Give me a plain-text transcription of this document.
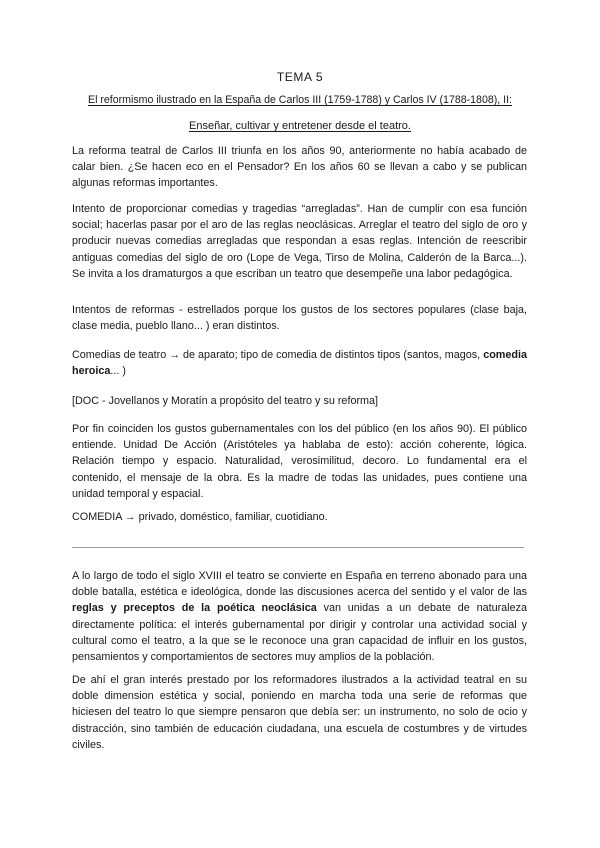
TEMA 5
El reformismo ilustrado en la España de Carlos III (1759-1788) y Carlos IV (1788-1808), II:
Enseñar, cultivar y entretener desde el teatro.
La reforma teatral de Carlos III triunfa en los años 90, anteriormente no había acabado de calar bien. ¿Se hacen eco en el Pensador? En los años 60 se llevan a cabo y se publican algunas reformas importantes.
Intento de proporcionar comedias y tragedias “arregladas”. Han de cumplir con esa función social; hacerlas pasar por el aro de las reglas neoclásicas. Arreglar el teatro del siglo de oro y producir nuevas comedias arregladas que respondan a esas reglas. Intención de reescribir antiguas comedias del siglo de oro (Lope de Vega, Tirso de Molina, Calderón de la Barca...). Se invita a los dramaturgos a que escriban un teatro que desempeñe una labor pedagógica.
Intentos de reformas - estrellados porque los gustos de los sectores populares (clase baja, clase media, pueblo llano... ) eran distintos.
Comedias de teatro → de aparato; tipo de comedia de distintos tipos (santos, magos, comedia heroica... )
[DOC - Jovellanos y Moratín a propósito del teatro y su reforma]
Por fin coinciden los gustos gubernamentales con los del público (en los años 90). El público entiende. Unidad De Acción (Aristóteles ya hablaba de esto): acción coherente, lógica. Relación tiempo y espacio. Naturalidad, verosimilitud, decoro. Lo fundamental era el contenido, el mensaje de la obra. Es la madre de todas las unidades, pues contiene una unidad temporal y espacial.
COMEDIA → privado, doméstico, familiar, cuotidiano.
A lo largo de todo el siglo XVIII el teatro se convierte en España en terreno abonado para una doble batalla, estética e ideológica, donde las discusiones acerca del sentido y el valor de las reglas y preceptos de la poética neoclásica van unidas a un debate de naturaleza directamente política: el interés gubernamental por dirigir y controlar una actividad social y cultural como el teatro, a la que se le reconoce una gran capacidad de influir en los gustos, pensamientos y comportamientos de sectores muy amplios de la población.
De ahí el gran interés prestado por los reformadores ilustrados a la actividad teatral en su doble dimension estética y social, poniendo en marcha toda una serie de reformas que hiciesen del teatro lo que siempre pensaron que debía ser: un instrumento, no solo de ocio y distracción, sino también de educación ciudadana, una escuela de costumbres y de virtudes civiles.
